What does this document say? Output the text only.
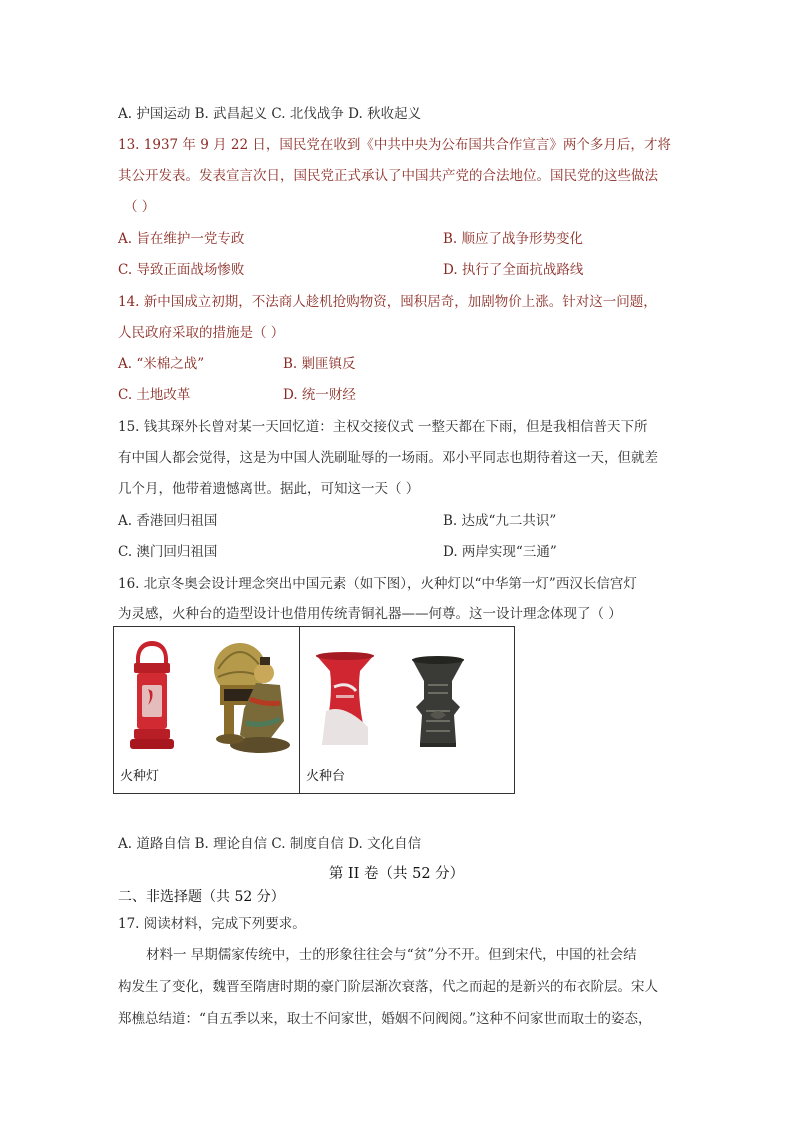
A. 护国运动 B. 武昌起义 C. 北伐战争 D. 秋收起义
13. 1937 年 9 月 22 日，国民党在收到《中共中央为公布国共合作宣言》两个多月后，才将
其公开发表。发表宣言次日，国民党正式承认了中国共产党的合法地位。国民党的这些做法
（ ）
A. 旨在维护一党专政	B. 顺应了战争形势变化
C. 导致正面战场惨败	D. 执行了全面抗战路线
14. 新中国成立初期，不法商人趁机抢购物资，囤积居奇，加剧物价上涨。针对这一问题，
人民政府采取的措施是（ ）
A. “米棉之战”	B. 剿匪镇反
C. 土地改革	D. 统一财经
15. 钱其琛外长曾对某一天回忆道：主权交接仪式 一整天都在下雨，但是我相信普天下所
有中国人都会觉得，这是为中国人洗刷耻辱的一场雨。邓小平同志也期待着这一天，但就差
几个月，他带着遗憾离世。据此，可知这一天（ ）
A. 香港回归祖国	B. 达成“九二共识”
C. 澳门回归祖国	D. 两岸实现“三通”
16. 北京冬奥会设计理念突出中国元素（如下图），火种灯以“中华第一灯”西汉长信宫灯
为灵感，火种台的造型设计也借用传统青铜礼器——何尊。这一设计理念体现了（ ）
火种灯	火种台
A. 道路自信 B. 理论自信 C. 制度自信 D. 文化自信
第 II 卷（共 52 分）
二、非选择题（共 52 分）
17. 阅读材料，完成下列要求。
材料一 早期儒家传统中，士的形象往往会与“贫”分不开。但到宋代，中国的社会结
构发生了变化，魏晋至隋唐时期的豪门阶层渐次衰落，代之而起的是新兴的布衣阶层。宋人
郑樵总结道：“自五季以来，取士不问家世，婚姻不问阀阅。”这种不问家世而取士的姿态，
